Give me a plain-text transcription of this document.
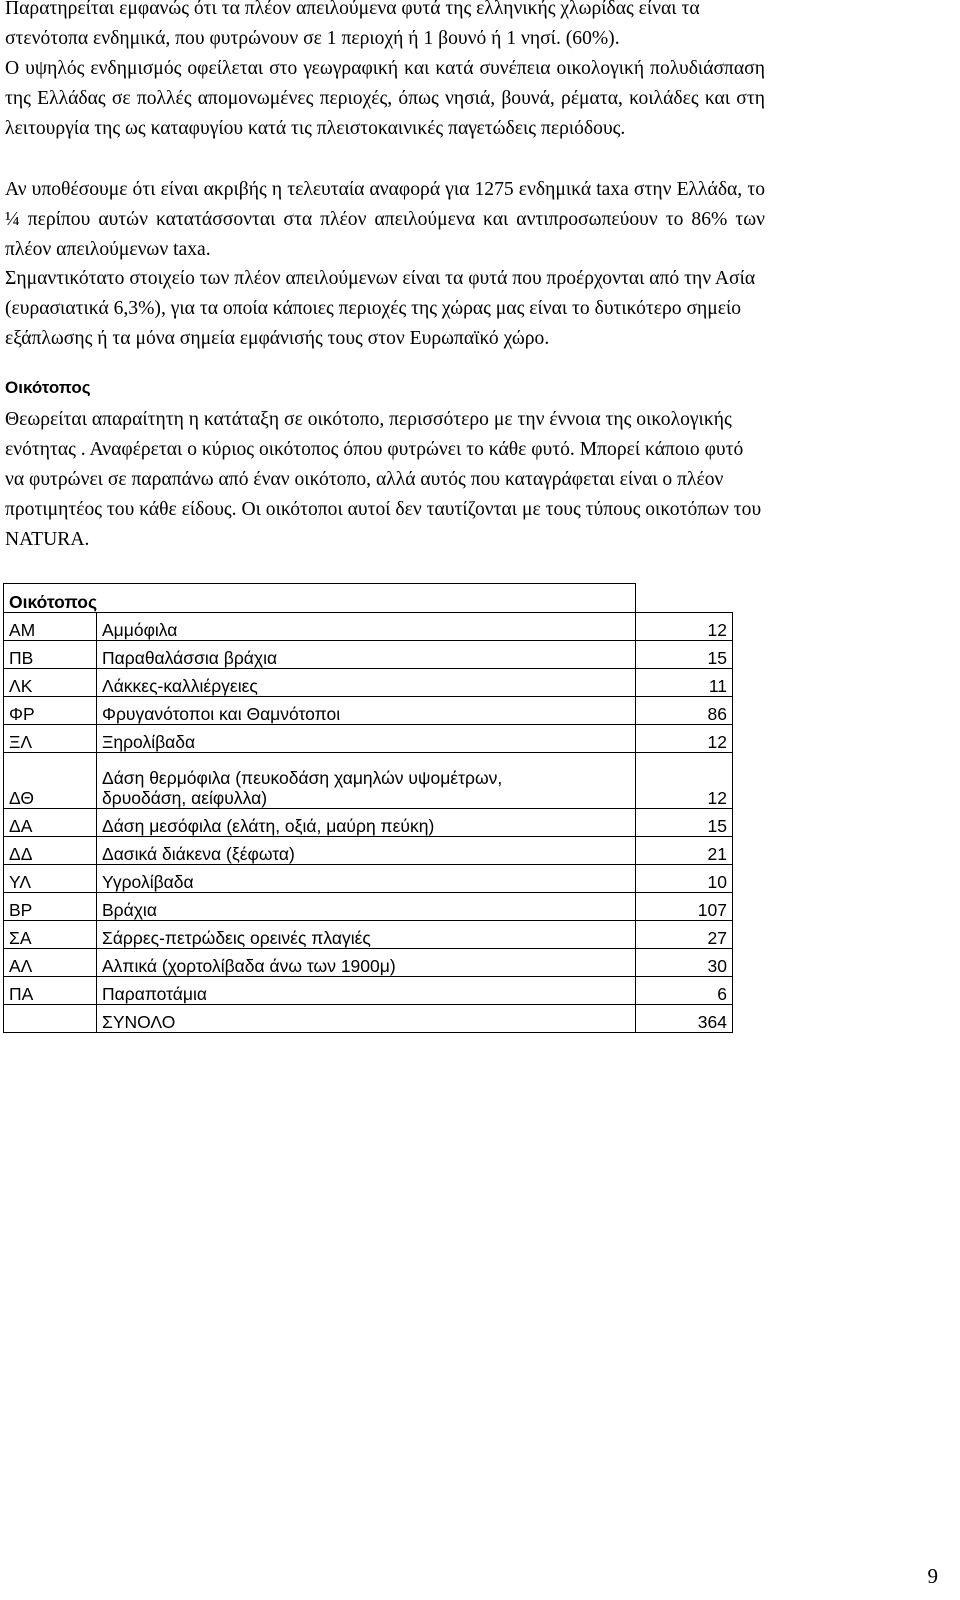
Παρατηρείται εμφανώς ότι τα πλέον απειλούμενα φυτά της ελληνικής χλωρίδας είναι τα στενότοπα ενδημικά, που φυτρώνουν σε 1 περιοχή ή 1 βουνό ή 1 νησί. (60%).

Ο υψηλός ενδημισμός οφείλεται στο γεωγραφική και κατά συνέπεια οικολογική πολυδιάσπαση της Ελλάδας σε πολλές απομονωμένες περιοχές, όπως νησιά, βουνά, ρέματα, κοιλάδες και στη λειτουργία της ως καταφυγίου κατά τις πλειστοκαινικές παγετώδεις περιόδους.

Αν υποθέσουμε ότι είναι ακριβής η τελευταία αναφορά για 1275 ενδημικά taxa στην Ελλάδα, το ¼ περίπου αυτών κατατάσσονται στα πλέον απειλούμενα και αντιπροσωπεύουν το 86% των πλέον απειλούμενων taxa.

Σημαντικότατο στοιχείο των πλέον απειλούμενων είναι τα φυτά που προέρχονται από την Ασία (ευρασιατικά 6,3%), για τα οποία κάποιες περιοχές της χώρας μας είναι το δυτικότερο σημείο εξάπλωσης ή τα μόνα σημεία εμφάνισής τους στον Ευρωπαϊκό χώρο.

Οικότοπος

Θεωρείται απαραίτητη η κατάταξη σε οικότοπο, περισσότερο με την έννοια της οικολογικής ενότητας . Αναφέρεται ο κύριος οικότοπος όπου φυτρώνει το κάθε φυτό. Μπορεί κάποιο φυτό να φυτρώνει σε παραπάνω από έναν οικότοπο, αλλά αυτός που καταγράφεται είναι ο πλέον προτιμητέος του κάθε είδους. Οι οικότοποι αυτοί δεν ταυτίζονται με τους τύπους οικοτόπων του NATURA.

Οικότοπος		
ΑΜ	Αμμόφιλα	12
ΠΒ	Παραθαλάσσια βράχια	15
ΛΚ	Λάκκες-καλλιέργειες	11
ΦΡ	Φρυγανότοποι και Θαμνότοποι	86
ΞΛ	Ξηρολίβαδα	12
ΔΘ	Δάση θερμόφιλα (πευκοδάση χαμηλών υψομέτρων,
δρυοδάση, αείφυλλα)	12
ΔΑ	Δάση μεσόφιλα (ελάτη, οξιά, μαύρη πεύκη)	15
ΔΔ	Δασικά διάκενα (ξέφωτα)	21
ΥΛ	Υγρολίβαδα	10
ΒΡ	Βράχια	107
ΣΑ	Σάρρες-πετρώδεις ορεινές πλαγιές	27
ΑΛ	Αλπικά (χορτολίβαδα άνω των 1900μ)	30
ΠΑ	Παραποτάμια	6
	ΣΥΝΟΛΟ	364

9
